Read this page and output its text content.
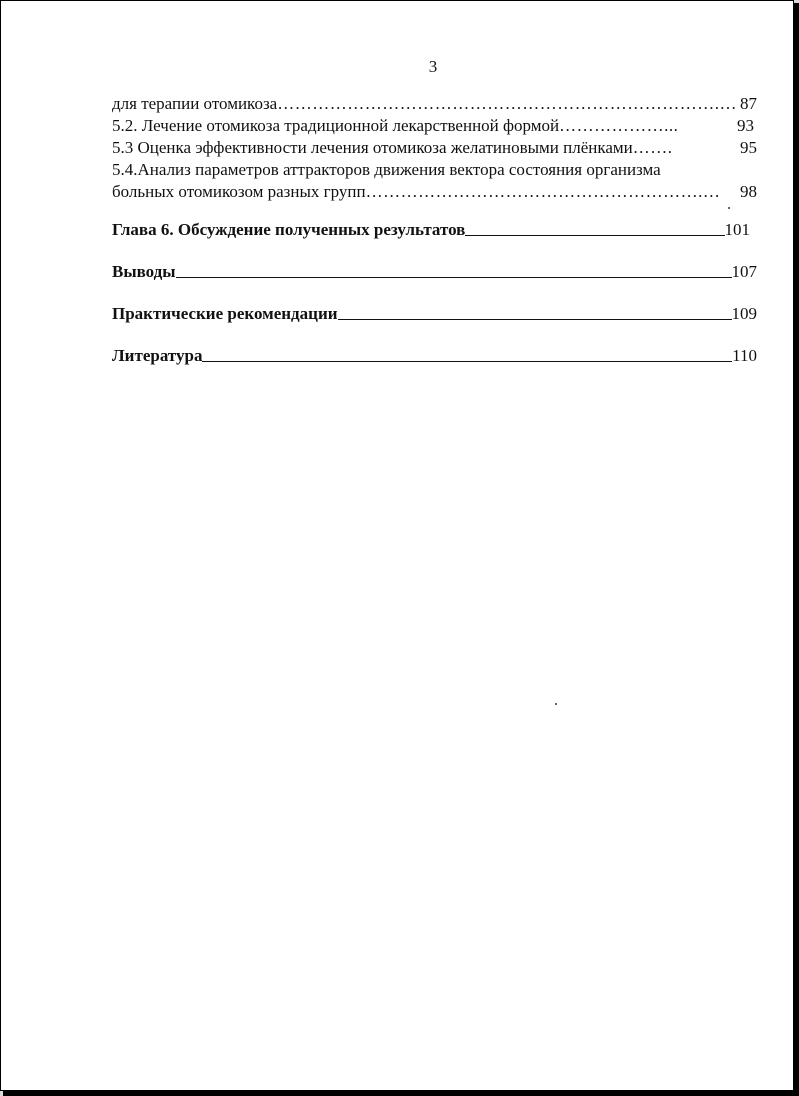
3
для терапии отомикоза ………………………………………………………………….… 87
5.2. Лечение отомикоза традиционной лекарственной формой ………………...	93
5.3 Оценка эффективности лечения отомикоза желатиновыми плёнками …….	95
5.4.Анализ параметров аттракторов движения вектора состояния организма
больных отомикозом разных групп ………………………………………………….…	98
Глава 6. Обсуждение полученных результатов	101
Выводы	107
Практические рекомендации	109
Литература	110
